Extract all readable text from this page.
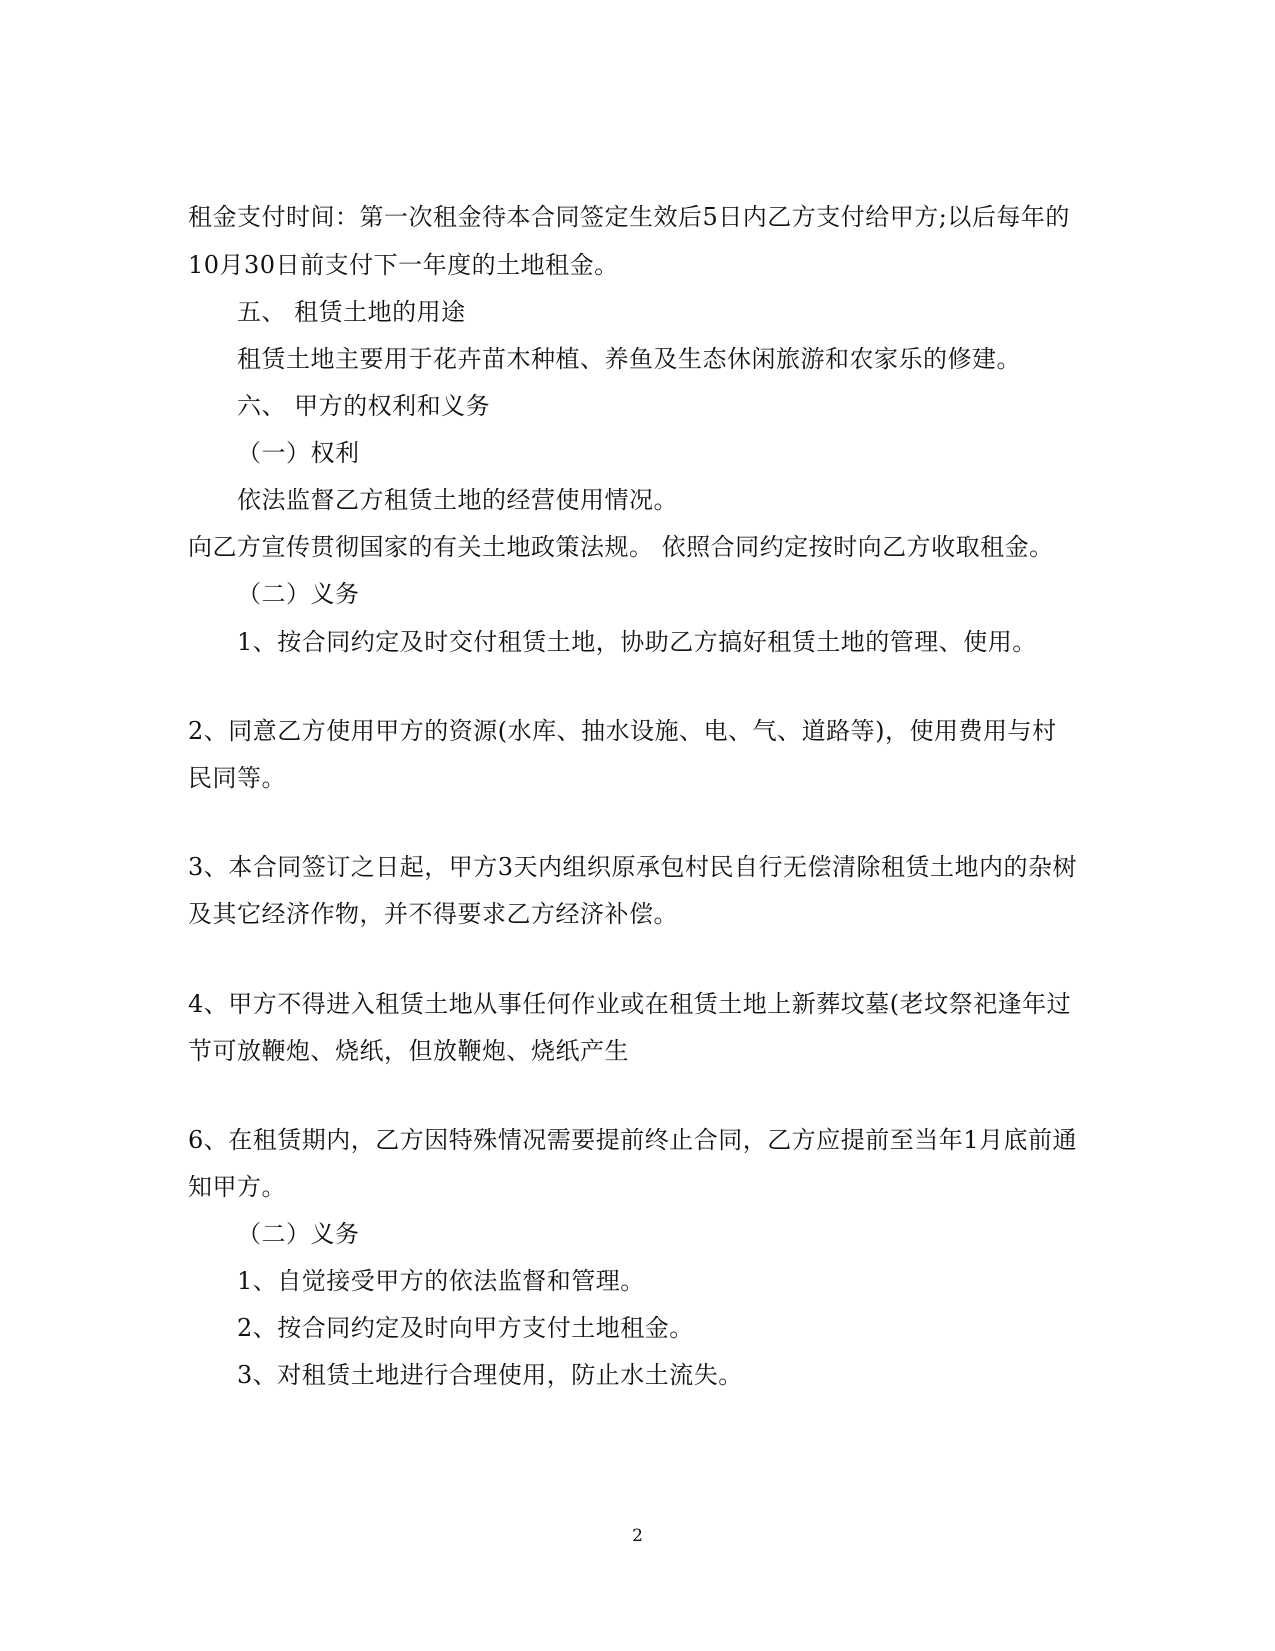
租金支付时间：第一次租金待本合同签定生效后5日内乙方支付给甲方;以后每年的
10月30日前支付下一年度的土地租金。
五、 租赁土地的用途
租赁土地主要用于花卉苗木种植、养鱼及生态休闲旅游和农家乐的修建。
六、 甲方的权利和义务
（一）权利
依法监督乙方租赁土地的经营使用情况。
向乙方宣传贯彻国家的有关土地政策法规。 依照合同约定按时向乙方收取租金。
（二）义务
1、按合同约定及时交付租赁土地，协助乙方搞好租赁土地的管理、使用。
2、同意乙方使用甲方的资源(水库、抽水设施、电、气、道路等)，使用费用与村
民同等。
3、本合同签订之日起，甲方3天内组织原承包村民自行无偿清除租赁土地内的杂树
及其它经济作物，并不得要求乙方经济补偿。
4、甲方不得进入租赁土地从事任何作业或在租赁土地上新葬坟墓(老坟祭祀逢年过
节可放鞭炮、烧纸，但放鞭炮、烧纸产生
6、在租赁期内，乙方因特殊情况需要提前终止合同，乙方应提前至当年1月底前通
知甲方。
（二）义务
1、自觉接受甲方的依法监督和管理。
2、按合同约定及时向甲方支付土地租金。
3、对租赁土地进行合理使用，防止水土流失。
2
